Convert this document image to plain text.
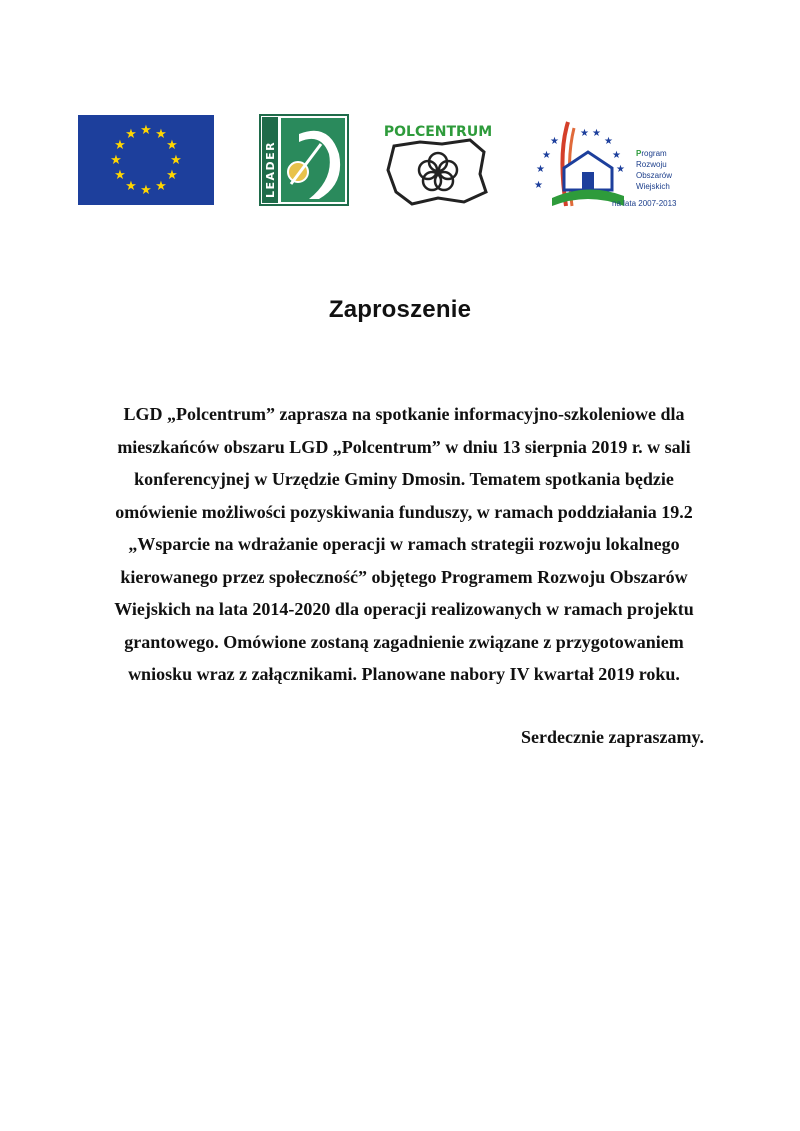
★ ★
★
★
★
★
★
★
★
★
★
★
LEADER
POLCENTRUM
★
★
★
★
★ ★
★
★
★
Program
Rozwoju
Obszarów
Wiejskich
na lata 2007-2013
Zaproszenie
LGD „Polcentrum” zaprasza na spotkanie informacyjno-szkoleniowe dla
mieszkańców obszaru LGD „Polcentrum” w dniu 13 sierpnia 2019 r. w sali
konferencyjnej w Urzędzie Gminy Dmosin. Tematem spotkania będzie
omówienie możliwości pozyskiwania funduszy, w ramach poddziałania 19.2
„Wsparcie na wdrażanie operacji w ramach strategii rozwoju lokalnego
kierowanego przez społeczność” objętego Programem Rozwoju Obszarów
Wiejskich na lata 2014-2020 dla operacji realizowanych w ramach projektu
grantowego. Omówione zostaną zagadnienie związane z przygotowaniem
wniosku wraz z załącznikami. Planowane nabory IV kwartał 2019 roku.
Serdecznie zapraszamy.
